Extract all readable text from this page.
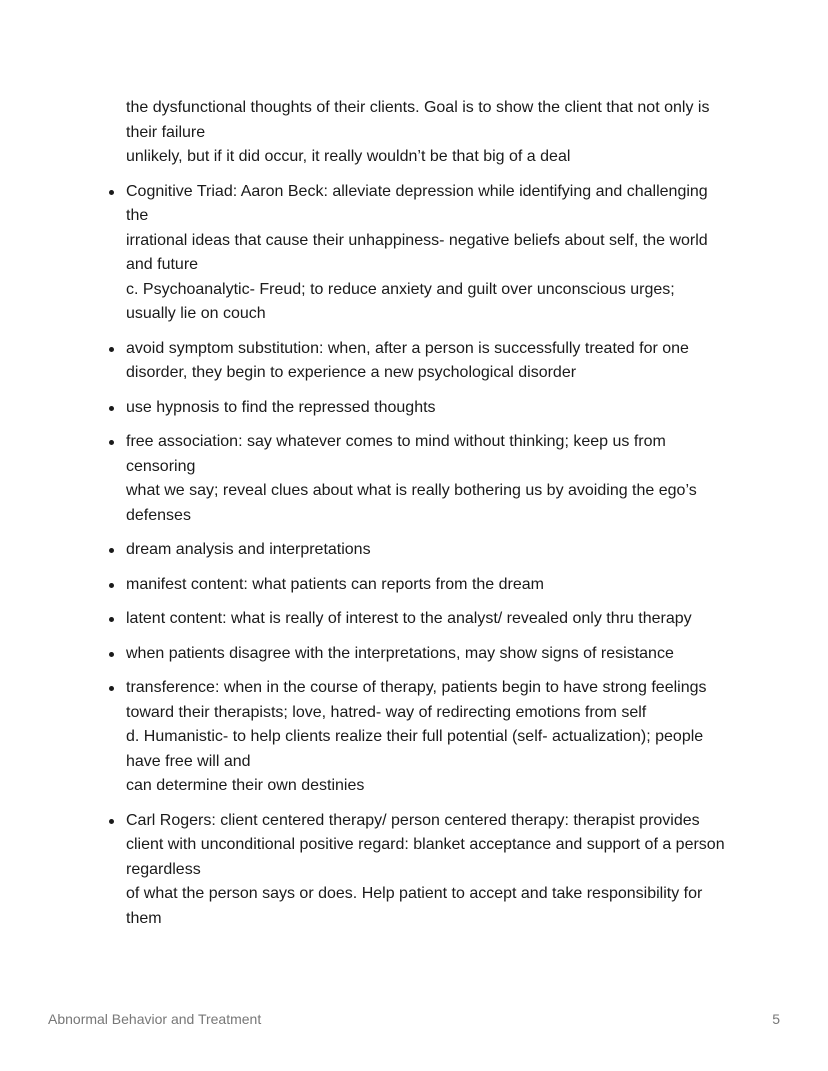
the dysfunctional thoughts of their clients. Goal is to show the client that not only is their failure

unlikely, but if it did occur, it really wouldn’t be that big of a deal

Cognitive Triad: Aaron Beck: alleviate depression while identifying and challenging the

irrational ideas that cause their unhappiness- negative beliefs about self, the world and future

c. Psychoanalytic- Freud; to reduce anxiety and guilt over unconscious urges; usually lie on couch

avoid symptom substitution: when, after a person is successfully treated for one disorder, they begin to experience a new psychological disorder

use hypnosis to find the repressed thoughts

free association: say whatever comes to mind without thinking; keep us from censoring

what we say; reveal clues about what is really bothering us by avoiding the ego’s defenses

dream analysis and interpretations

manifest content: what patients can reports from the dream

latent content: what is really of interest to the analyst/ revealed only thru therapy

when patients disagree with the interpretations, may show signs of resistance

transference: when in the course of therapy, patients begin to have strong feelings toward their therapists; love, hatred- way of redirecting emotions from self

d. Humanistic- to help clients realize their full potential (self- actualization); people have free will and

can determine their own destinies

Carl Rogers: client centered therapy/ person centered therapy: therapist provides client with unconditional positive regard: blanket acceptance and support of a person regardless

of what the person says or does. Help patient to accept and take responsibility for them

Abnormal Behavior and Treatment	5
